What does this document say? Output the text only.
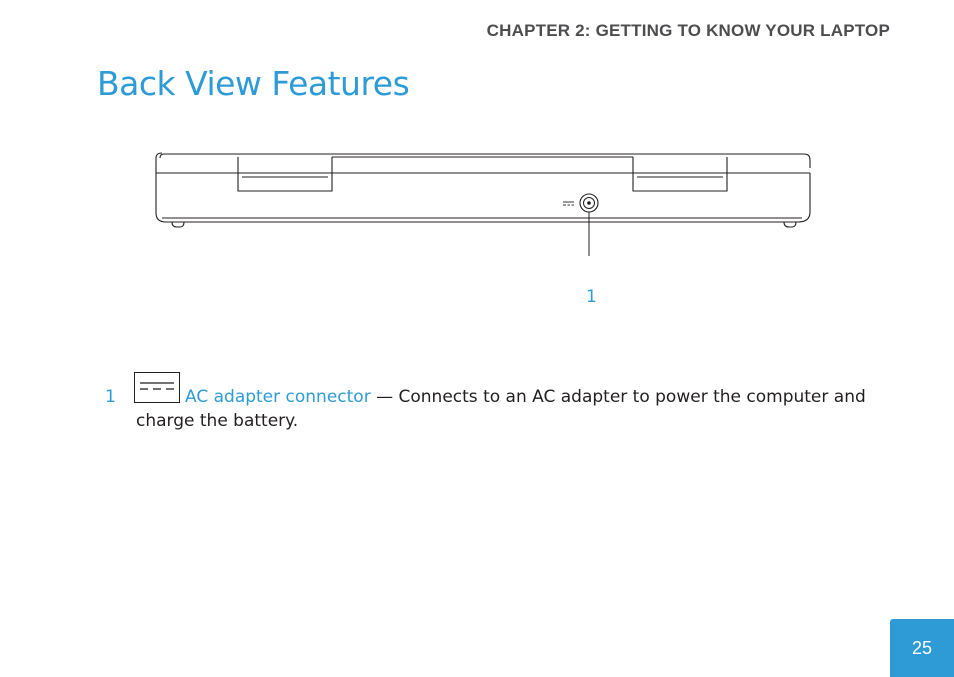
CHAPTER 2: GETTING TO KNOW YOUR LAPTOP
Back View Features
1
1	AC adapter connector — Connects to an AC adapter to power the computer and charge the battery.
25
